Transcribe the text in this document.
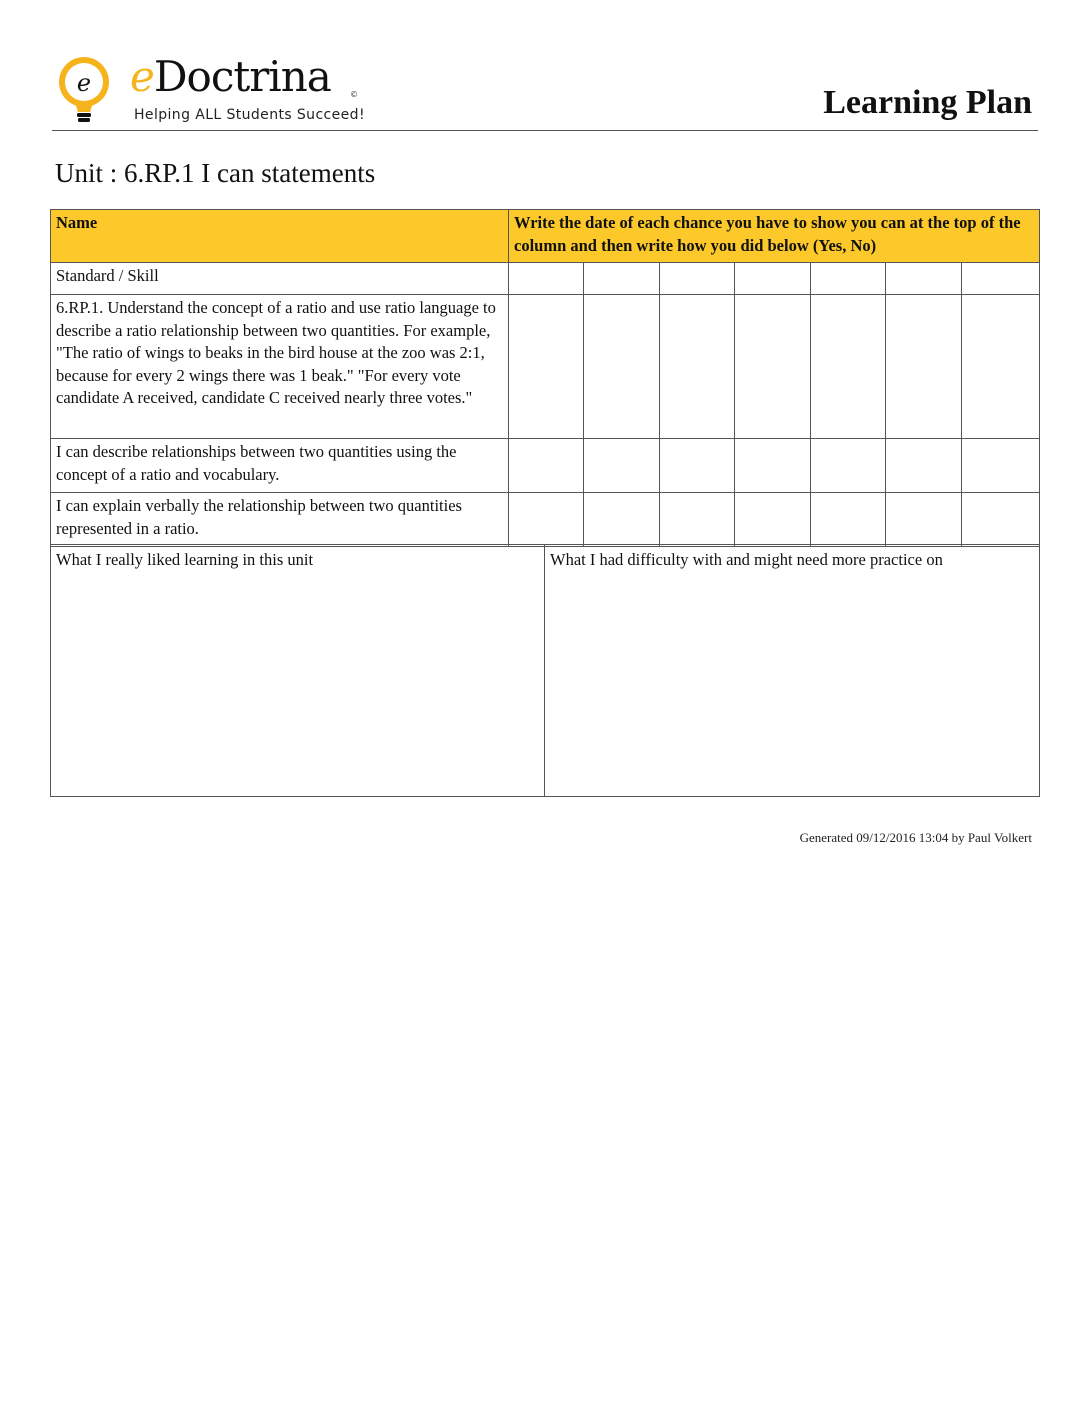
e eDoctrina ©
Helping ALL Students Succeed!	Learning Plan
Unit : 6.RP.1 I can statements
Name	Write the date of each chance you have to show you can at the top of the column and then write how you did below (Yes, No)						
Standard / Skill							
6.RP.1. Understand the concept of a ratio and use ratio language to describe a ratio relationship between two quantities. For example, "The ratio of wings to beaks in the bird house at the zoo was 2:1, because for every 2 wings there was 1 beak." "For every vote candidate A received, candidate C received nearly three votes."							
I can describe relationships between two quantities using the concept of a ratio and vocabulary.							
I can explain verbally the relationship between two quantities represented in a ratio.							
What I really liked learning in this unit	What I had difficulty with and might need more practice on
Generated 09/12/2016 13:04 by Paul Volkert
